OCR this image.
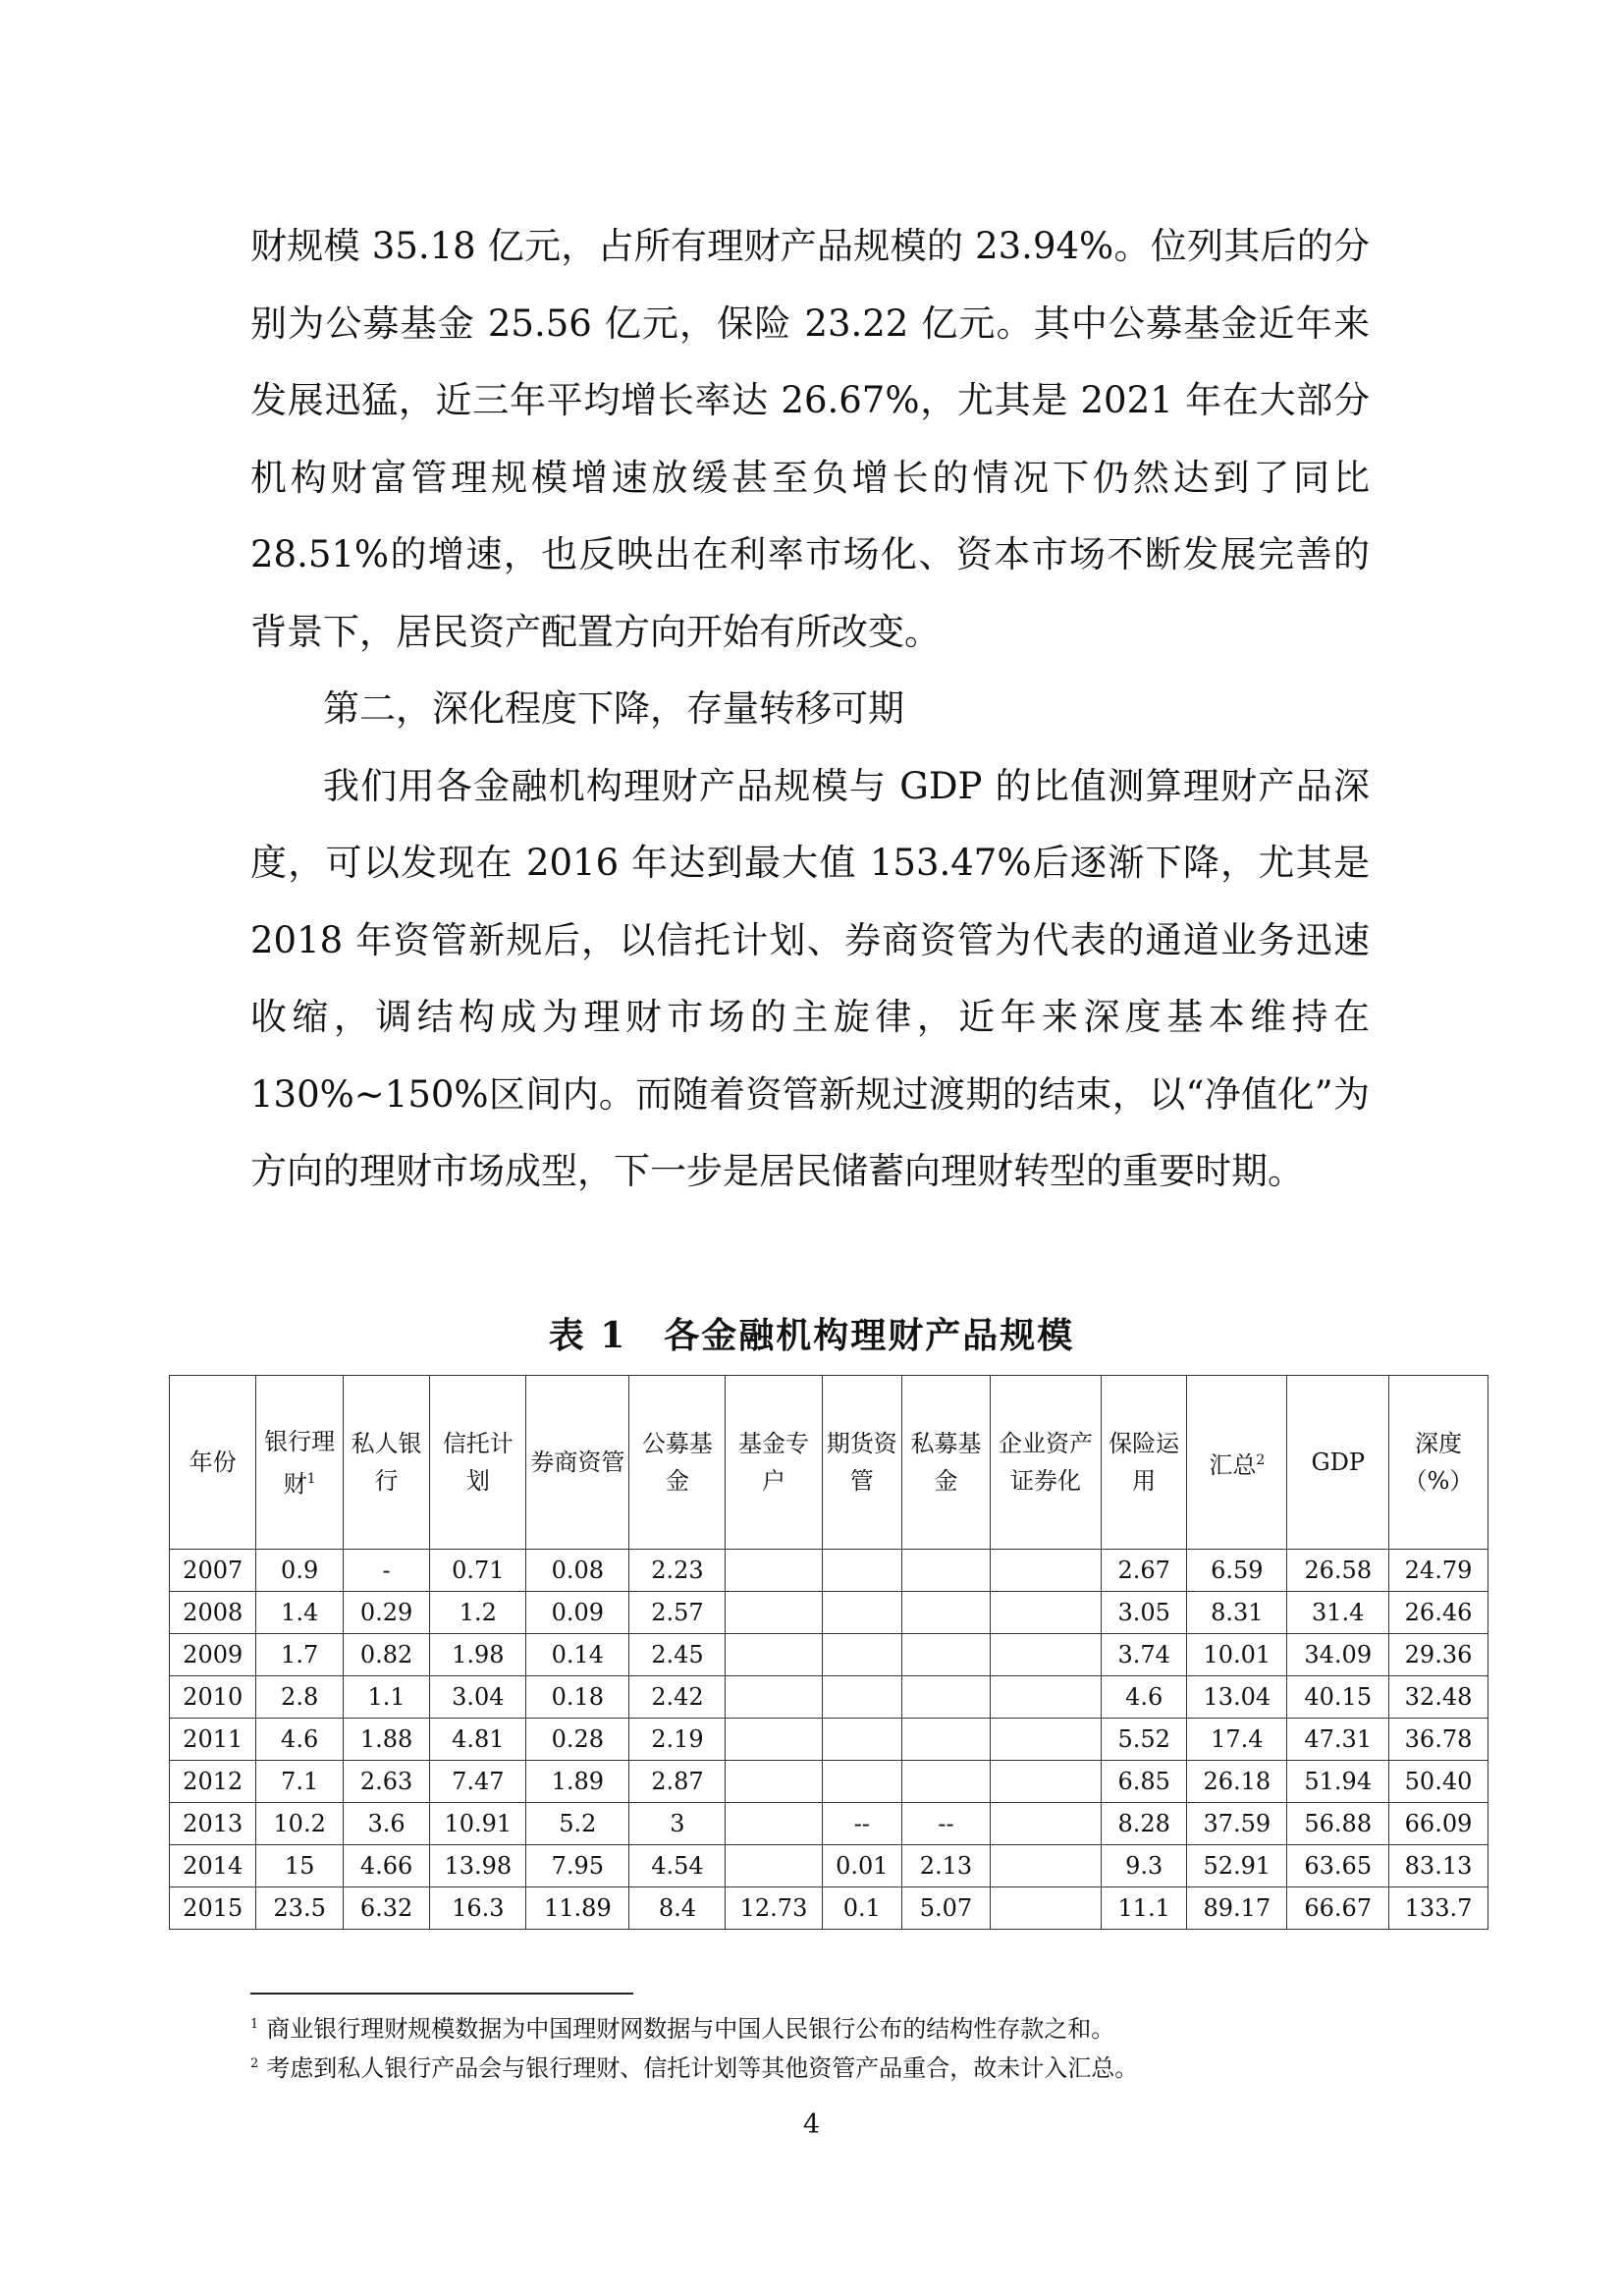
财规模 35.18 亿元，占所有理财产品规模的 23.94%。位列其后的分别为公募基金 25.56 亿元，保险 23.22 亿元。其中公募基金近年来发展迅猛，近三年平均增长率达 26.67%，尤其是 2021 年在大部分机构财富管理规模增速放缓甚至负增长的情况下仍然达到了同比 28.51%的增速，也反映出在利率市场化、资本市场不断发展完善的背景下，居民资产配置方向开始有所改变。

第二，深化程度下降，存量转移可期

我们用各金融机构理财产品规模与 GDP 的比值测算理财产品深度，可以发现在 2016 年达到最大值 153.47%后逐渐下降，尤其是 2018 年资管新规后，以信托计划、券商资管为代表的通道业务迅速收缩，调结构成为理财市场的主旋律，近年来深度基本维持在 130%~150%区间内。而随着资管新规过渡期的结束，以“净值化”为方向的理财市场成型，下一步是居民储蓄向理财转型的重要时期。

表 1　各金融机构理财产品规模
年份	银行理财$^1$	私人银行	信托计划	券商资管	公募基金	基金专户	期货资管	私募基金	企业资产证券化	保险运用	汇总$^2$	GDP	深度（%）
2007	0.9	-	0.71	0.08	2.23					2.67	6.59	26.58	24.79
2008	1.4	0.29	1.2	0.09	2.57					3.05	8.31	31.4	26.46
2009	1.7	0.82	1.98	0.14	2.45					3.74	10.01	34.09	29.36
2010	2.8	1.1	3.04	0.18	2.42					4.6	13.04	40.15	32.48
2011	4.6	1.88	4.81	0.28	2.19					5.52	17.4	47.31	36.78
2012	7.1	2.63	7.47	1.89	2.87					6.85	26.18	51.94	50.40
2013	10.2	3.6	10.91	5.2	3		--	--		8.28	37.59	56.88	66.09
2014	15	4.66	13.98	7.95	4.54		0.01	2.13		9.3	52.91	63.65	83.13
2015	23.5	6.32	16.3	11.89	8.4	12.73	0.1	5.07		11.1	89.17	66.67	133.7

$^1$ 商业银行理财规模数据为中国理财网数据与中国人民银行公布的结构性存款之和。

$^2$ 考虑到私人银行产品会与银行理财、信托计划等其他资管产品重合，故未计入汇总。

4
